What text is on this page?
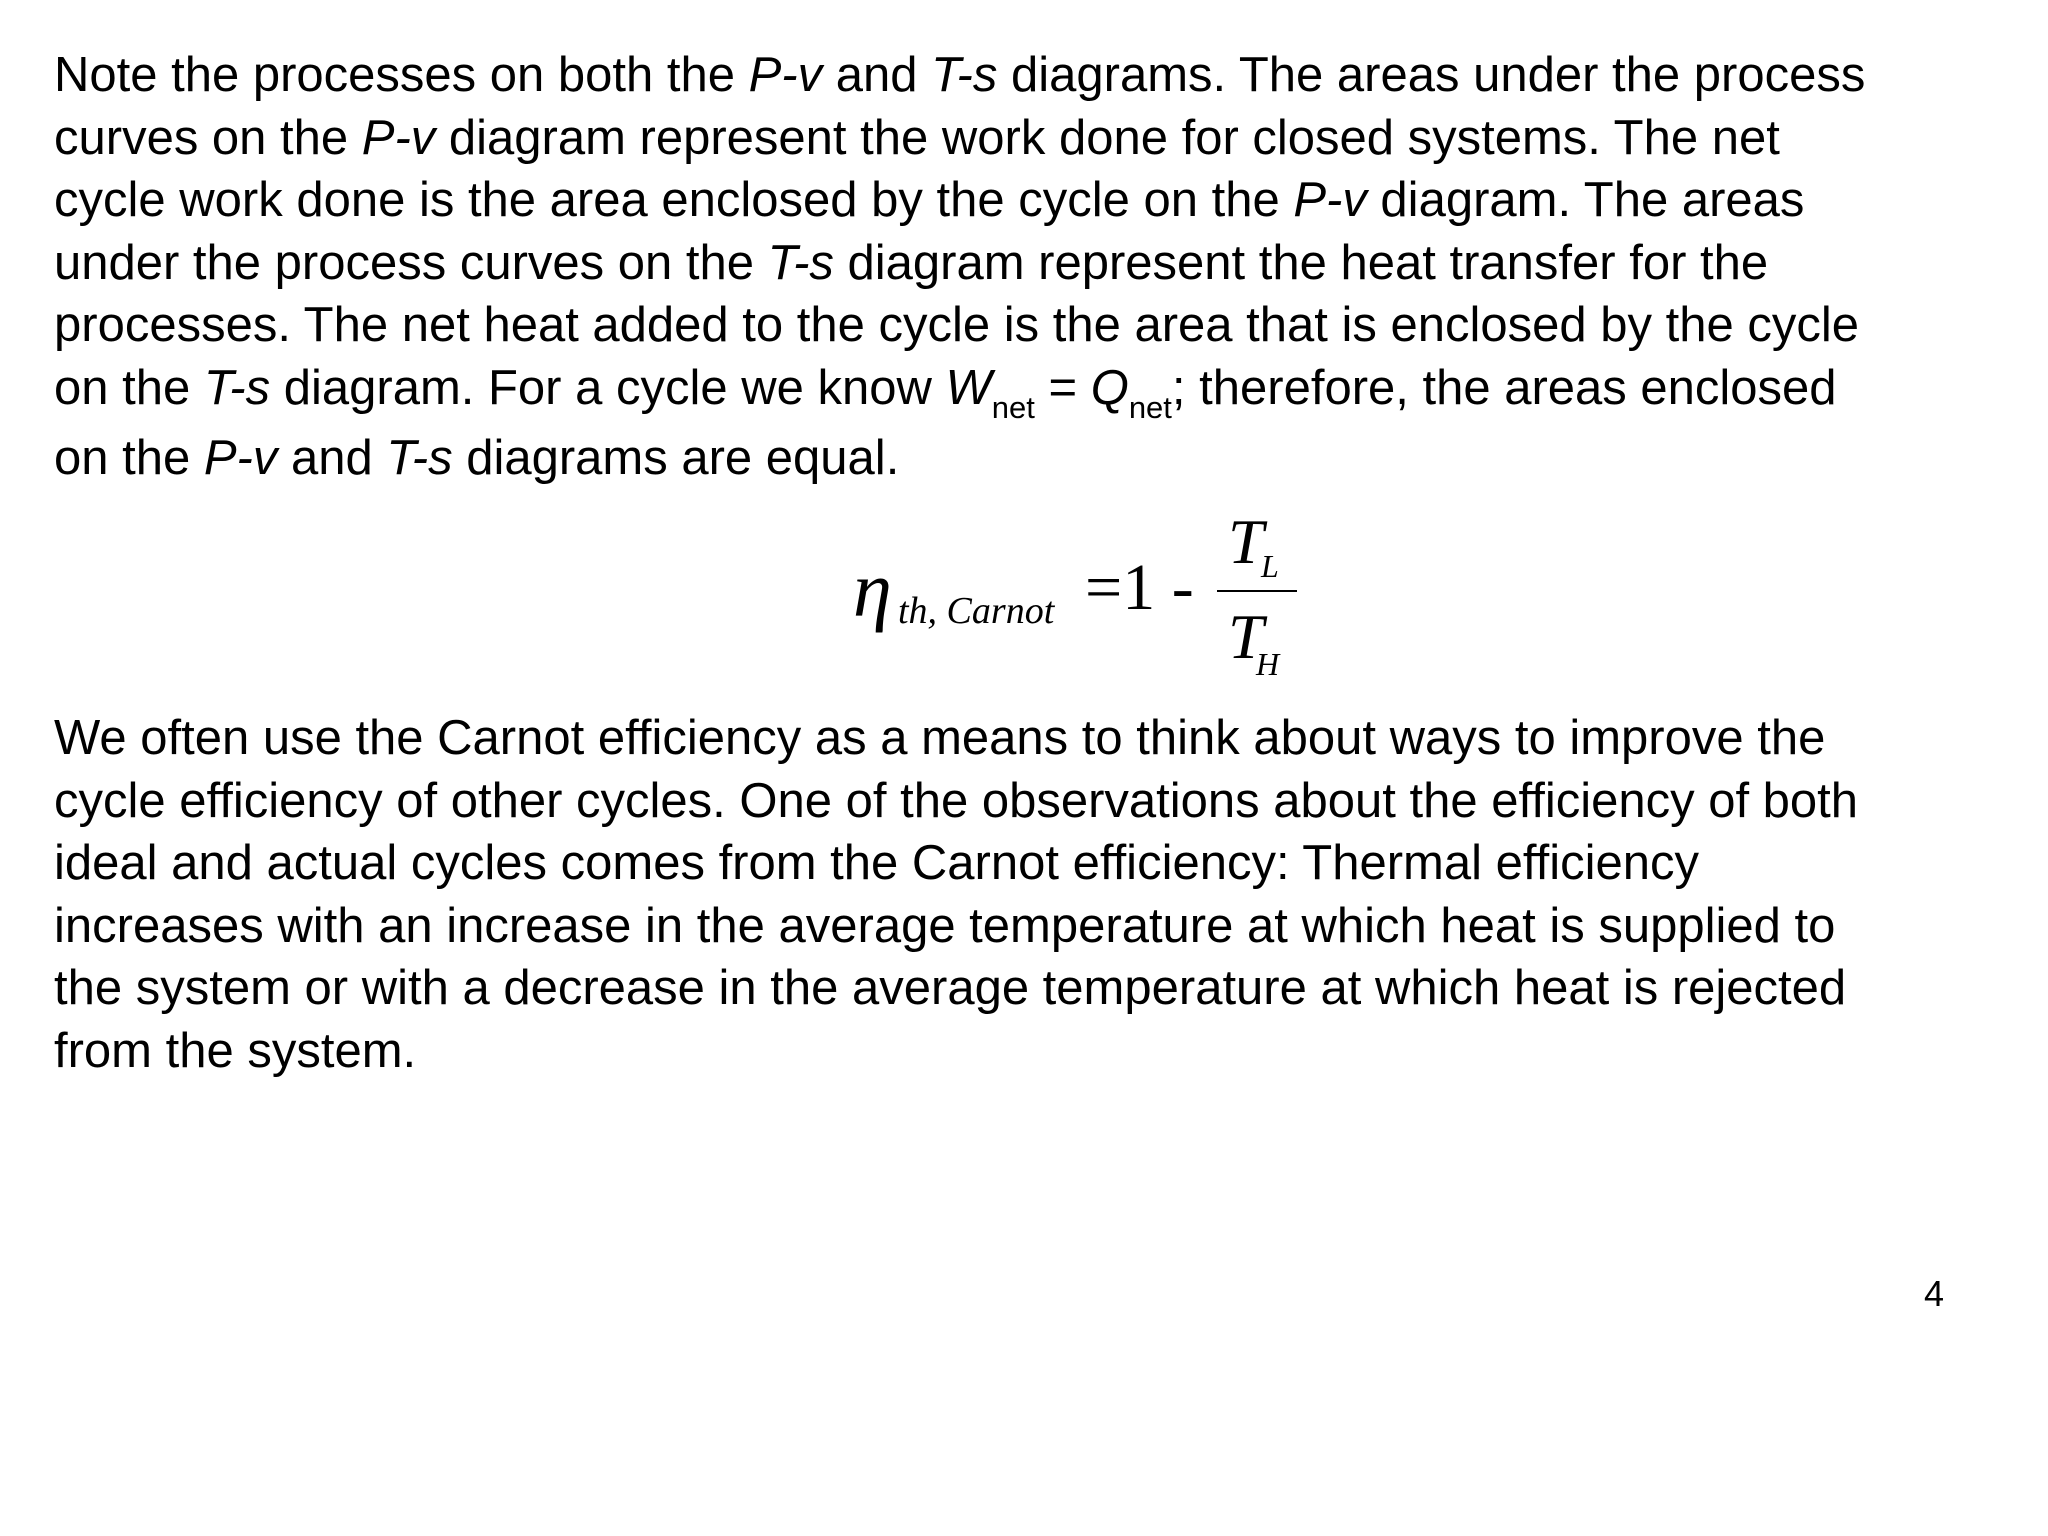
Note the processes on both the P-v and T-s diagrams. The areas under the process
curves on the P-v diagram represent the work done for closed systems. The net
cycle work done is the area enclosed by the cycle on the P-v diagram. The areas
under the process curves on the T-s diagram represent the heat transfer for the
processes. The net heat added to the cycle is the area that is enclosed by the cycle
on the T-s diagram. For a cycle we know $W_{net} = Q_{net}$; therefore, the areas enclosed
on the P-v and T-s diagrams are equal.
η th, Carnot =1 -
T
L
T
H
We often use the Carnot efficiency as a means to think about ways to improve the
cycle efficiency of other cycles. One of the observations about the efficiency of both
ideal and actual cycles comes from the Carnot efficiency: Thermal efficiency
increases with an increase in the average temperature at which heat is supplied to
the system or with a decrease in the average temperature at which heat is rejected
from the system.
4
